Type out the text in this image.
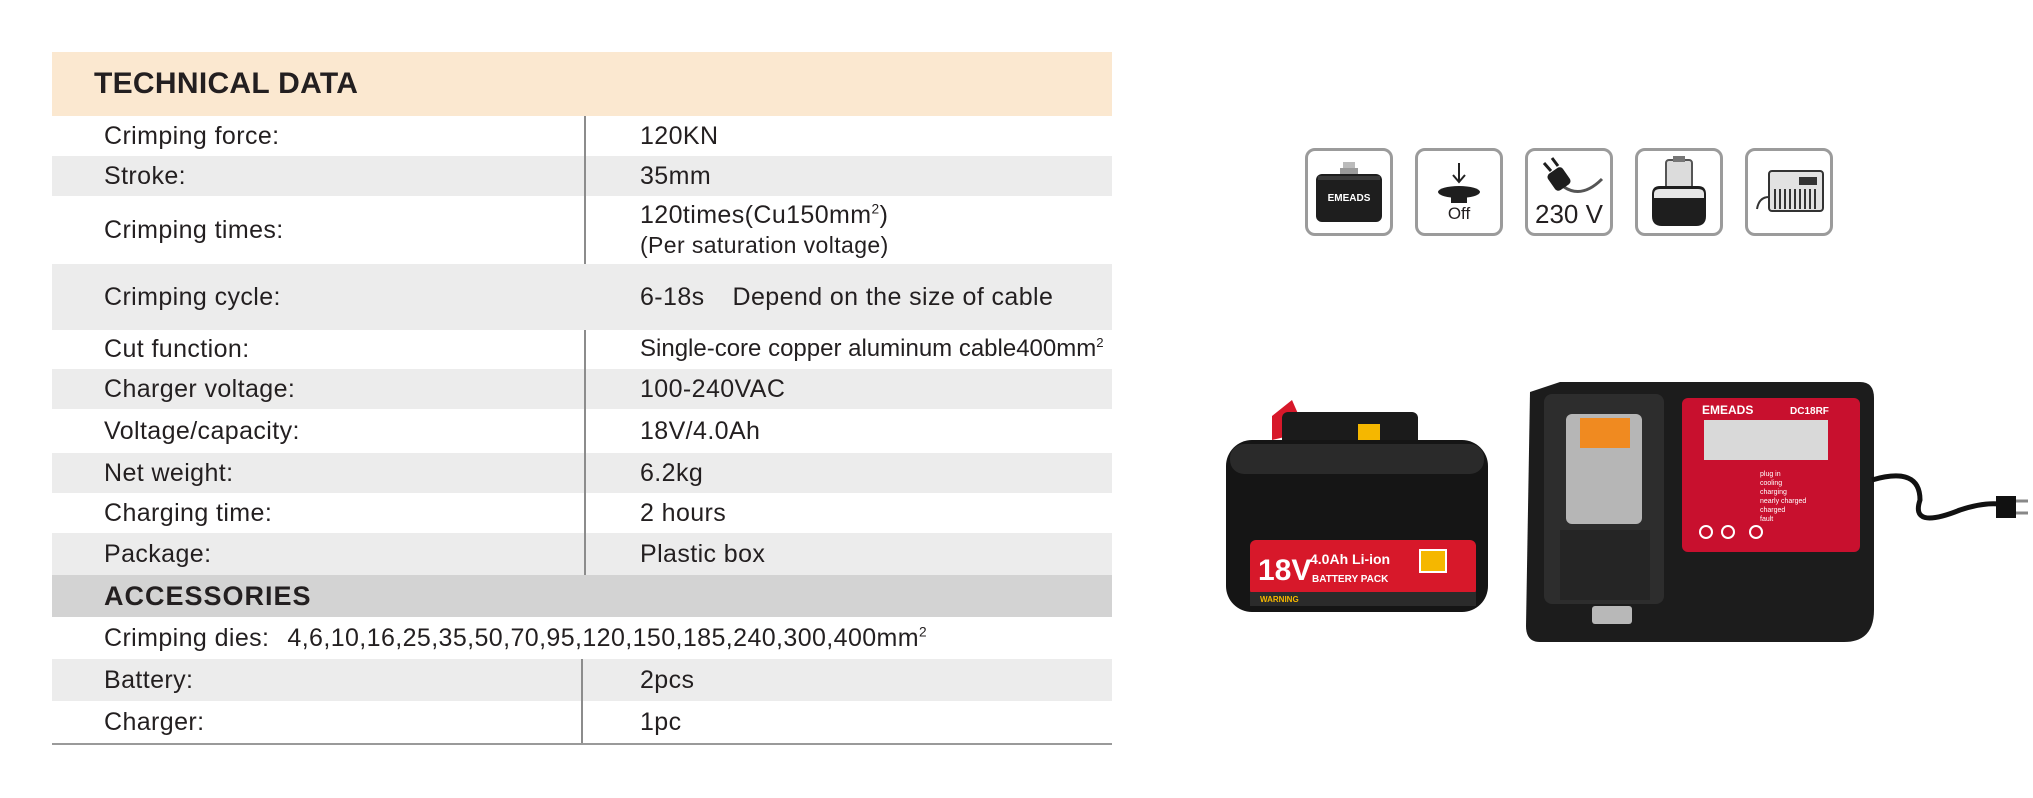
TECHNICAL DATA
Crimping force:	120KN
Stroke:	35mm
Crimping times:
$120times(Cu150mm^2)$
(Per saturation voltage)
Crimping cycle:	6-18s Depend on the size of cable
Cut function:	Single-core copper aluminum $cable400mm^2$
Charger voltage:	100-240VAC
Voltage/capacity:	18V/4.0Ah
Net weight:	6.2kg
Charging time:	2 hours
Package:	Plastic box
ACCESSORIES
Crimping dies: $4,6,10,16,25,35,50,70,95,120,150,185,240,300,400mm^2$
Battery:	2pcs
Charger:	1pc
EMEADS
Off 230 V
18V
4.0Ah Li-ion
BATTERY PACK
WARNING
EMEADS	DC18RF
plug in
cooling
charging
nearly charged
charged
fault
